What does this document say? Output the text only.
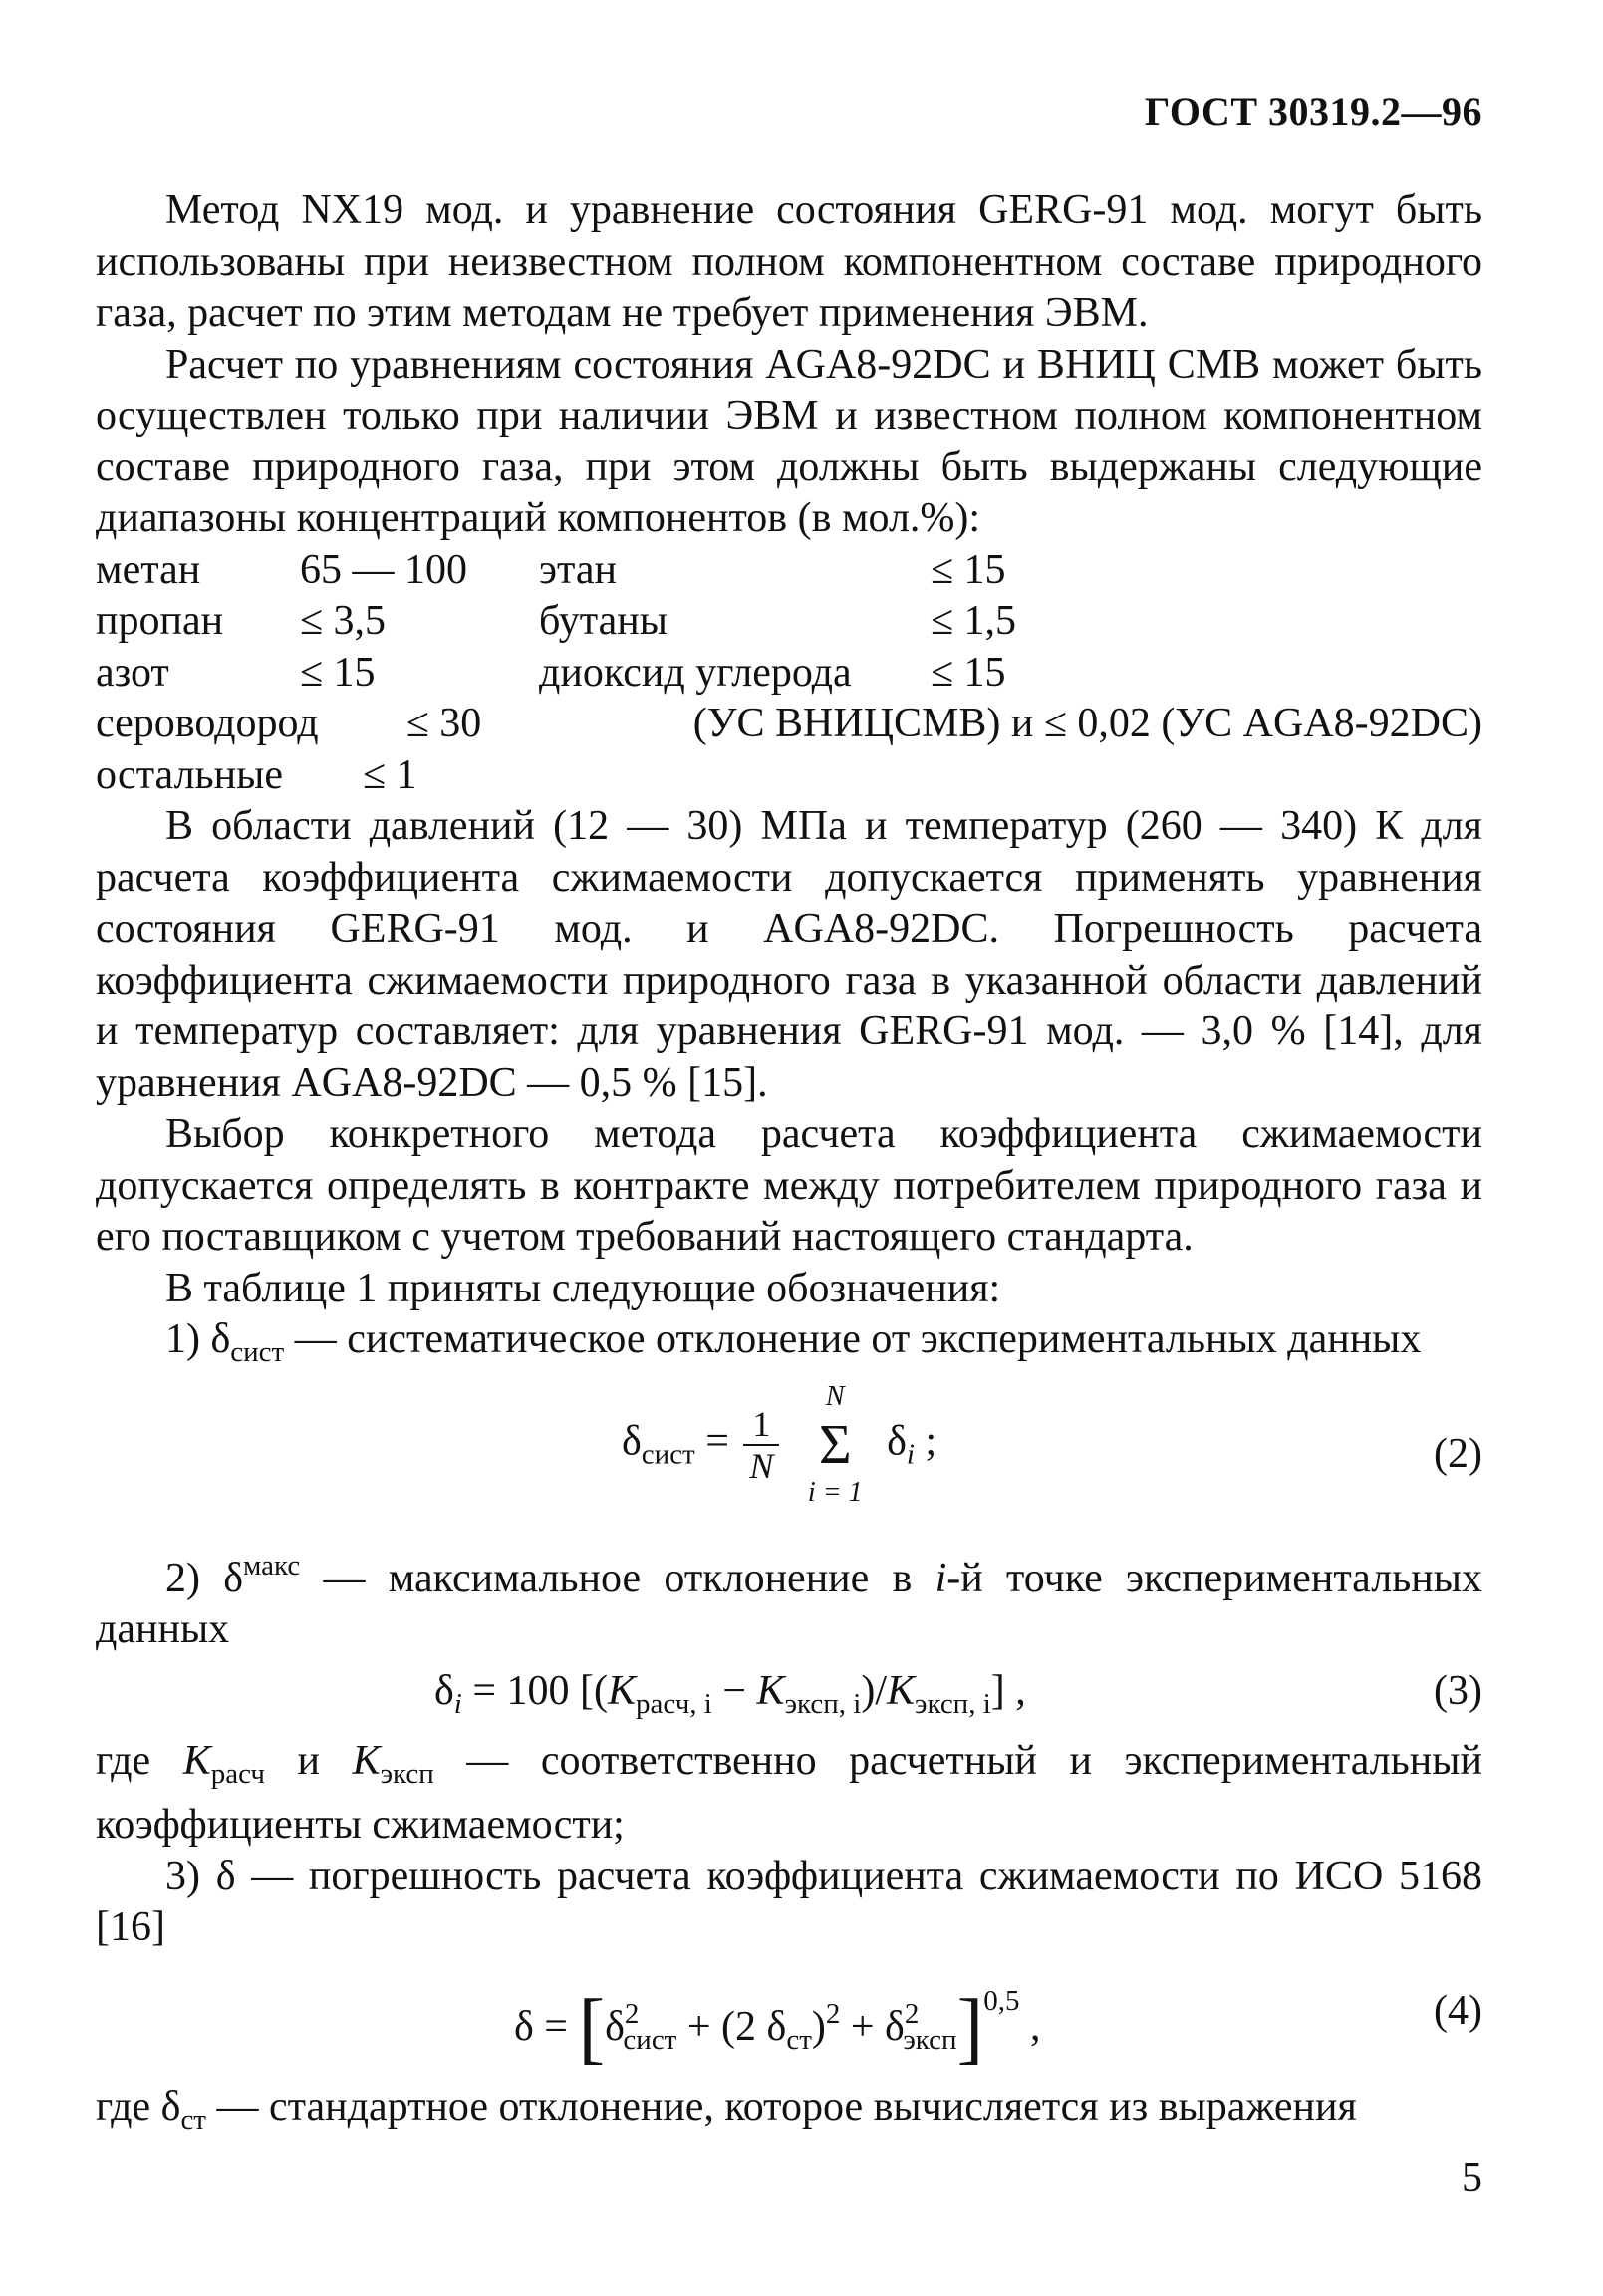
ГОСТ 30319.2—96

Метод NX19 мод. и уравнение состояния GERG-91 мод. могут быть использованы при неизвестном полном компонентном составе природного газа, расчет по этим методам не требует применения ЭВМ.

Расчет по уравнениям состояния AGA8-92DC и ВНИЦ СМВ может быть осуществлен только при наличии ЭВМ и известном полном компонентном составе природного газа, при этом должны быть выдержаны следующие диапазоны концентраций компонентов (в мол.%):

метан	65 — 100	этан	≤ 15
пропан	≤ 3,5	бутаны	≤ 1,5
азот	≤ 15	диоксид углерода	≤ 15
сероводород ≤ 30	(УС ВНИЦСМВ) и ≤ 0,02 (УС AGA8-92DC)
остальные ≤ 1

В области давлений (12 — 30) МПа и температур (260 — 340) К для расчета коэффициента сжимаемости допускается применять уравнения состояния GERG-91 мод. и AGA8-92DC. Погрешность расчета коэффициента сжимаемости природного газа в указанной области давлений и температур составляет: для уравнения GERG-91 мод. — 3,0 % [14], для уравнения AGA8-92DC — 0,5 % [15].

Выбор конкретного метода расчета коэффициента сжимаемости допускается определять в контракте между потребителем природного газа и его поставщиком с учетом требований настоящего стандарта.

В таблице 1 приняты следующие обозначения:

1) $\delta_{сист}$ — систематическое отклонение от экспериментальных данных

$\delta_{сист} = \frac{1}{N}$

N
Σ
i = 1
$\delta_i$ ;	(2)

2) $\delta^{макс}$ — максимальное отклонение в i-й точке экспериментальных данных

$\delta_i = 100$ $[(K_{расч, i} - K_{эксп, i})/K_{эксп, i}]$ ,	(3)

где $K_{расч}$ и $K_{эксп}$ — соответственно расчетный и экспериментальный коэффициенты сжимаемости;

3) δ — погрешность расчета коэффициента сжимаемости по ИСО 5168 [16]

$\delta = [\delta^2_{сист} + (2$ $\delta_{ст})^2 + \delta^2_{эксп}]^{0,5}$ ,	(4)

где $\delta_{ст}$ — стандартное отклонение, которое вычисляется из выражения

5
